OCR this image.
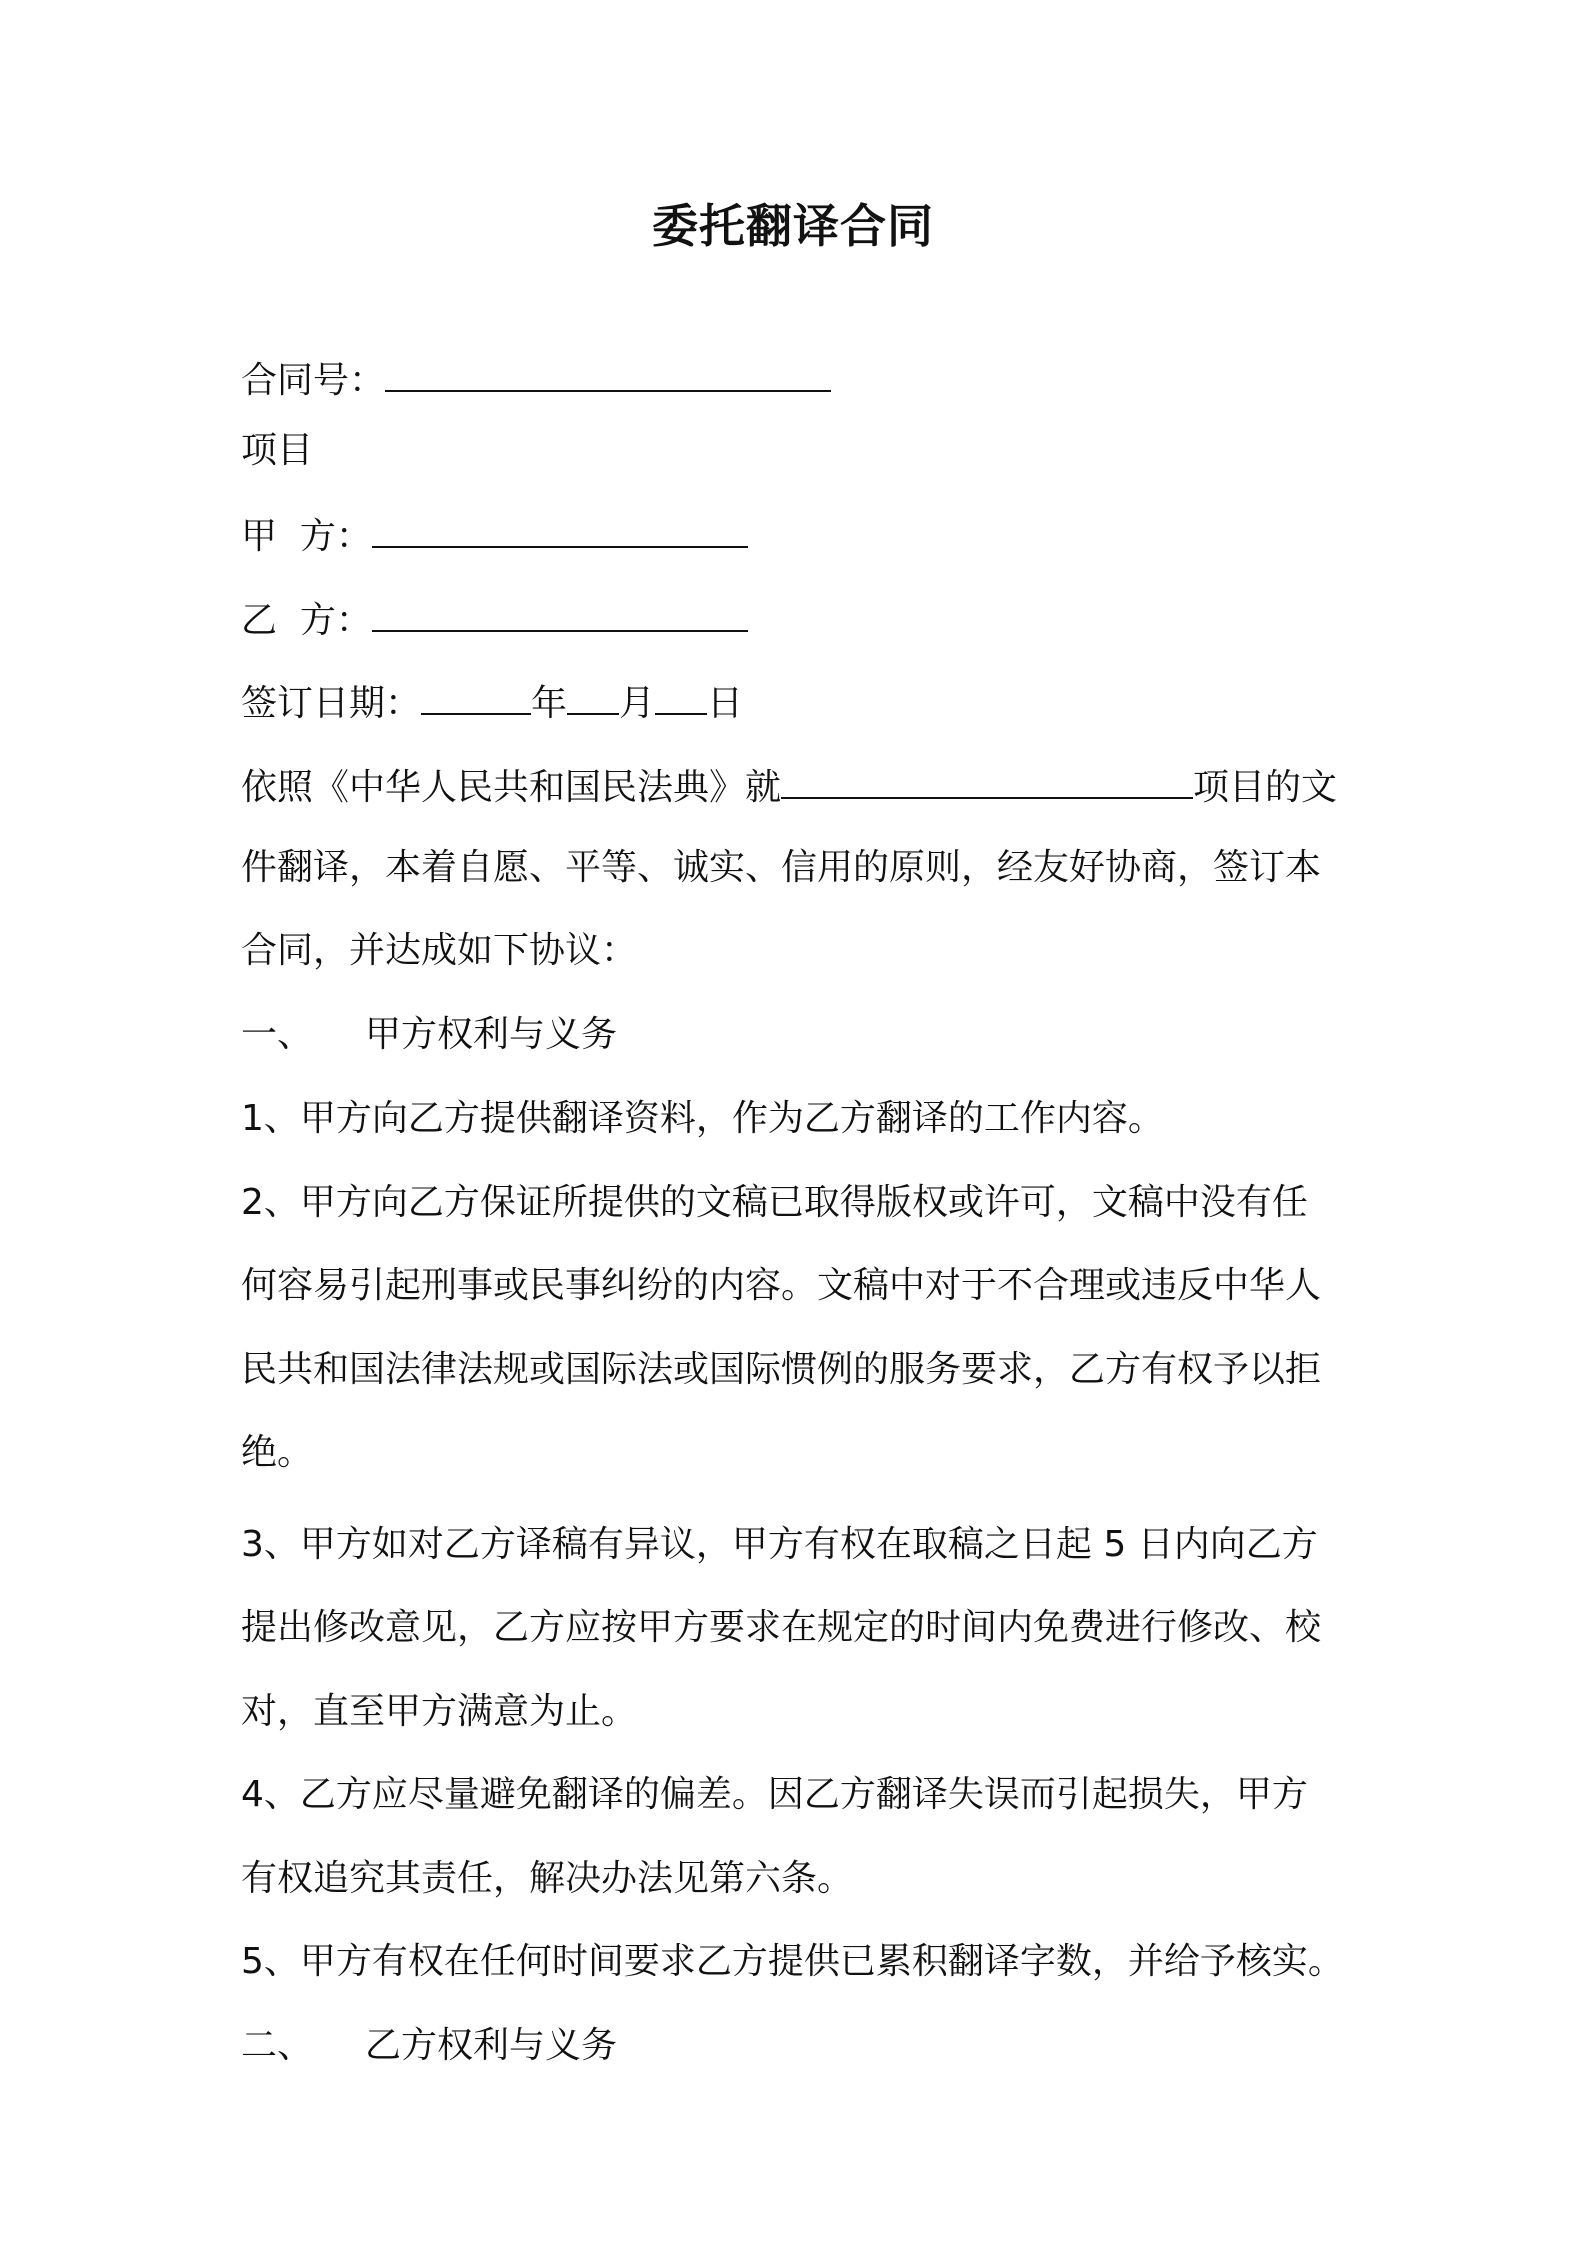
委托翻译合同
合同号：
项目
甲  方：
乙  方：
签订日期：	年 月 日
依照《中华人民共和国民法典》就	项目的文
件翻译，本着自愿、平等、诚实、信用的原则，经友好协商，签订本
合同，并达成如下协议：
一、 甲方权利与义务
1、甲方向乙方提供翻译资料，作为乙方翻译的工作内容。
2、甲方向乙方保证所提供的文稿已取得版权或许可，文稿中没有任
何容易引起刑事或民事纠纷的内容。文稿中对于不合理或违反中华人
民共和国法律法规或国际法或国际惯例的服务要求，乙方有权予以拒
绝。
3、甲方如对乙方译稿有异议，甲方有权在取稿之日起 5 日内向乙方
提出修改意见，乙方应按甲方要求在规定的时间内免费进行修改、校
对，直至甲方满意为止。
4、乙方应尽量避免翻译的偏差。因乙方翻译失误而引起损失，甲方
有权追究其责任，解决办法见第六条。
5、甲方有权在任何时间要求乙方提供已累积翻译字数，并给予核实。
二、 乙方权利与义务
